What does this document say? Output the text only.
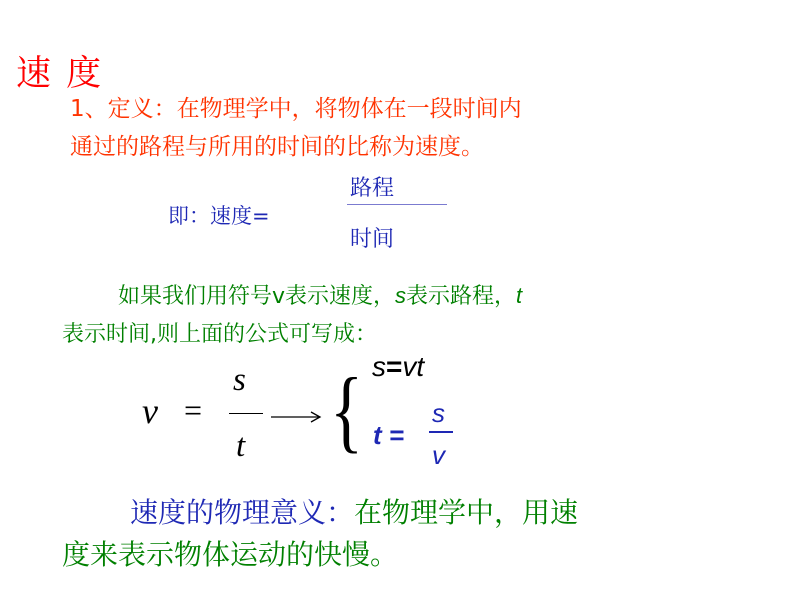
速 度
1、定义：在物理学中，将物体在一段时间内
通过的路程与所用的时间的比称为速度。
即：速度=
路程
时间
如果我们用符号v表示速度，s表示路程，t
表示时间,则上面的公式可写成：
v =
s
t { s=vt
t =
s
v
速度的物理意义：在物理学中，用速
度来表示物体运动的快慢。
